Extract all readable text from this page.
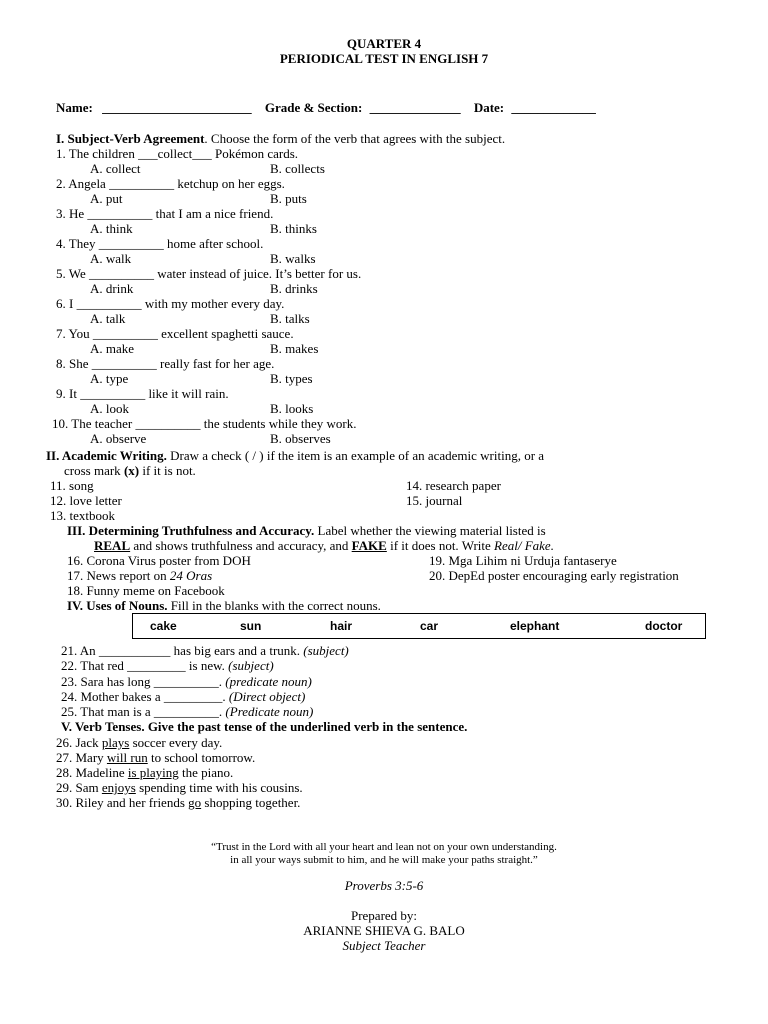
QUARTER 4
PERIODICAL TEST IN ENGLISH 7
Name: _______________________ Grade & Section: ______________ Date: _____________
I. Subject-Verb Agreement. Choose the form of the verb that agrees with the subject.
1. The children ___collect___ Pokémon cards.
A. collect	B. collects
2. Angela __________ ketchup on her eggs.
A. put	B. puts
3. He __________ that I am a nice friend.
A. think	B. thinks
4. They __________ home after school.
A. walk	B. walks
5. We __________ water instead of juice. It’s better for us.
A. drink	B. drinks
6. I __________ with my mother every day.
A. talk	B. talks
7. You __________ excellent spaghetti sauce.
A. make	B. makes
8. She __________ really fast for her age.
A. type	B. types
9. It __________ like it will rain.
A. look	B. looks
10. The teacher __________ the students while they work.
A. observe	B. observes
II. Academic Writing. Draw a check ( / ) if the item is an example of an academic writing, or a
cross mark (x) if it is not.
11. song
12. love letter
13. textbook
14. research paper
15. journal
III. Determining Truthfulness and Accuracy. Label whether the viewing material listed is
REAL and shows truthfulness and accuracy, and FAKE if it does not. Write Real/ Fake.
16. Corona Virus poster from DOH
17. News report on 24 Oras
18. Funny meme on Facebook
19. Mga Lihim ni Urduja fantaserye
20. DepEd poster encouraging early registration
IV. Uses of Nouns. Fill in the blanks with the correct nouns.
cake	sun	hair	car	elephant	doctor
21. An ___________ has big ears and a trunk. (subject)
22. That red _________ is new. (subject)
23. Sara has long __________. (predicate noun)
24. Mother bakes a _________. (Direct object)
25. That man is a __________. (Predicate noun)
V. Verb Tenses. Give the past tense of the underlined verb in the sentence.
26. Jack plays soccer every day.
27. Mary will run to school tomorrow.
28. Madeline is playing the piano.
29. Sam enjoys spending time with his cousins.
30. Riley and her friends go shopping together.
“Trust in the Lord with all your heart and lean not on your own understanding.
in all your ways submit to him, and he will make your paths straight.”
Proverbs 3:5-6
Prepared by:
ARIANNE SHIEVA G. BALO
Subject Teacher
